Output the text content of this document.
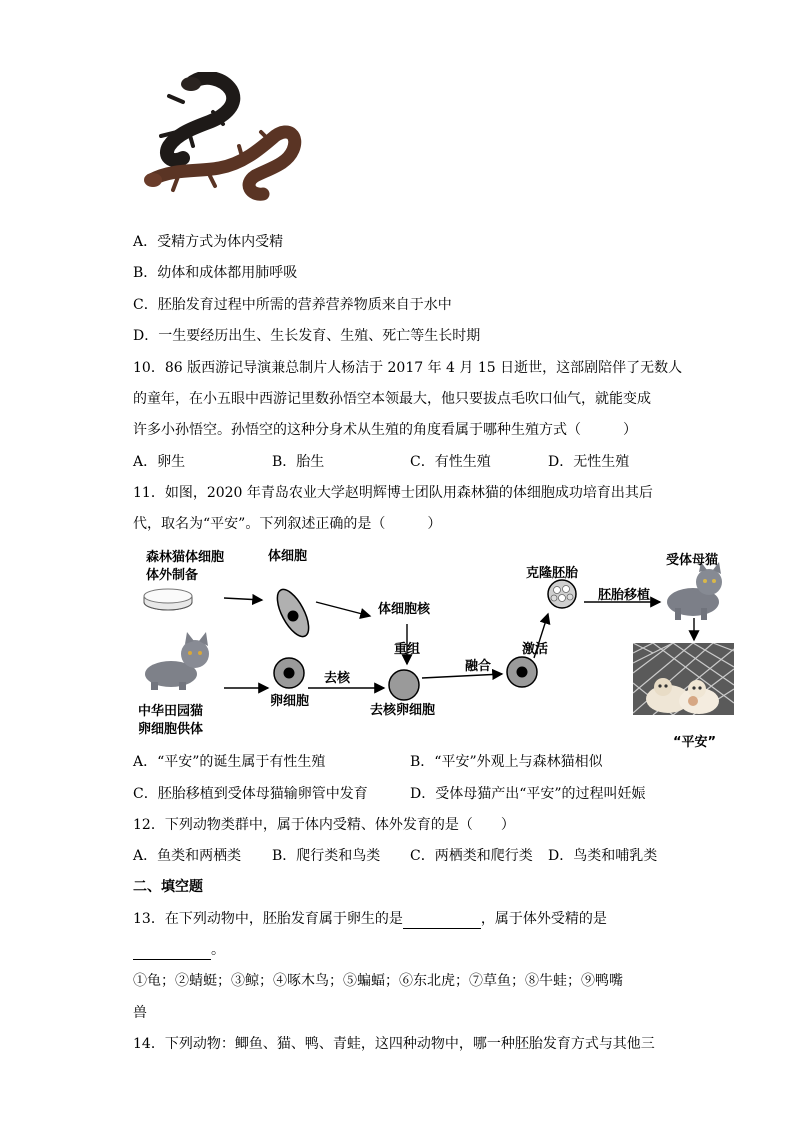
A．受精方式为体内受精
B．幼体和成体都用肺呼吸
C．胚胎发育过程中所需的营养营养物质来自于水中
D．一生要经历出生、生长发育、生殖、死亡等生长时期
10．86 版西游记导演兼总制片人杨洁于 2017 年 4 月 15 日逝世，这部剧陪伴了无数人
的童年，在小五眼中西游记里数孙悟空本领最大，他只要拔点毛吹口仙气，就能变成
许多小孙悟空。孙悟空的这种分身术从生殖的角度看属于哪种生殖方式（　　　）
A．卵生	B．胎生	C．有性生殖	D．无性生殖
11．如图，2020 年青岛农业大学赵明辉博士团队用森林猫的体细胞成功培育出其后
代，取名为“平安”。下列叙述正确的是（　　　）
森林猫体细胞
体外制备
体细胞
体细胞核
重组
克隆胚胎
胚胎移植
受体母猫
激活
融合
去核
卵细胞
去核卵细胞
中华田园猫
卵细胞供体
“平安”
A．“平安”的诞生属于有性生殖	B．“平安”外观上与森林猫相似
C．胚胎移植到受体母猫输卵管中发育	D．受体母猫产出“平安”的过程叫妊娠
12．下列动物类群中，属于体内受精、体外发育的是（　　）
A．鱼类和两栖类 B．爬行类和鸟类 C．两栖类和爬行类 D．鸟类和哺乳类
二、填空题
13．在下列动物中，胚胎发育属于卵生的是	，属于体外受精的是
。
①龟；②蜻蜓；③鲸；④啄木鸟；⑤蝙蝠；⑥东北虎；⑦草鱼；⑧牛蛙；⑨鸭嘴
兽
14．下列动物：鲫鱼、猫、鸭、青蛙，这四种动物中，哪一种胚胎发育方式与其他三
